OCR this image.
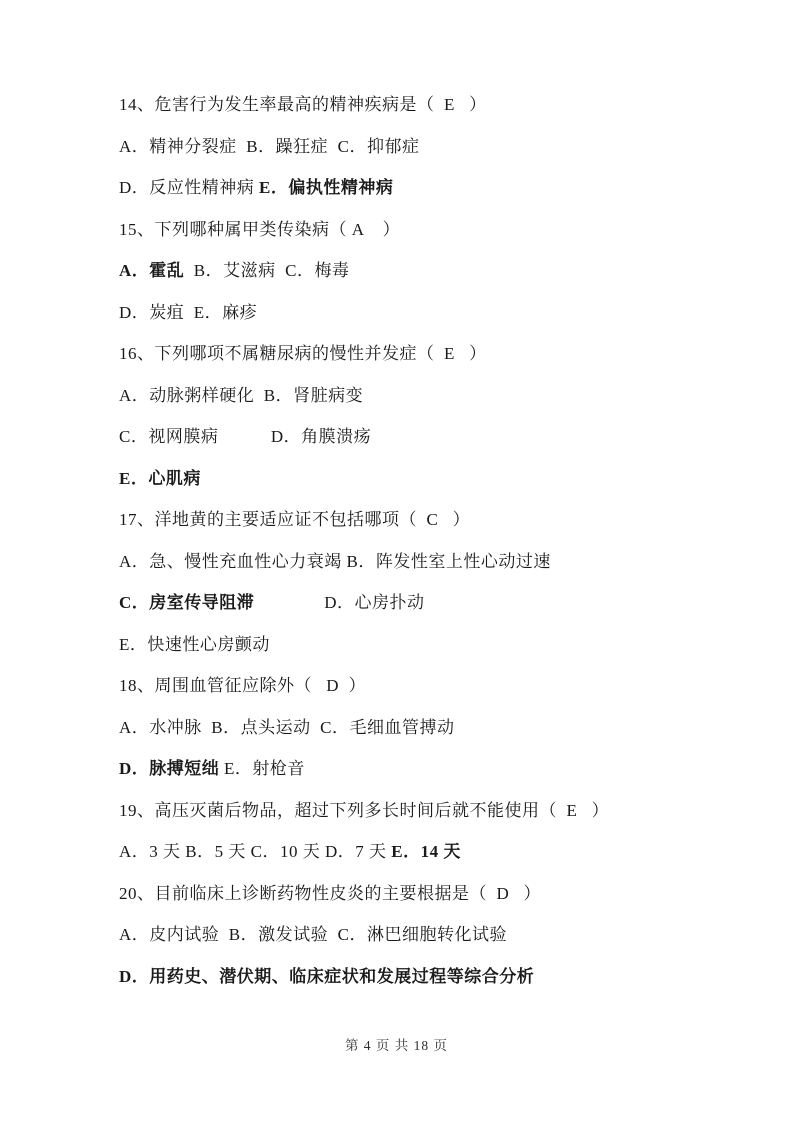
14、危害行为发生率最高的精神疾病是（  E   ）

A．精神分裂症  B．躁狂症  C．抑郁症

D．反应性精神病 E．偏执性精神病

15、下列哪种属甲类传染病（ A    ）

A．霍乱  B．艾滋病  C．梅毒

D．炭疽  E．麻疹

16、下列哪项不属糖尿病的慢性并发症（  E   ）

A．动脉粥样硬化  B．肾脏病变

C．视网膜病　　　D．角膜溃疡

E．心肌病

17、洋地黄的主要适应证不包括哪项（  C   ）

A．急、慢性充血性心力衰竭 B．阵发性室上性心动过速

C．房室传导阻滞　　　　D．心房扑动

E．快速性心房颤动

18、周围血管征应除外（   D  ）

A．水冲脉  B．点头运动  C．毛细血管搏动

D．脉搏短绌 E．射枪音

19、高压灭菌后物品，超过下列多长时间后就不能使用（  E   ）

A．3 天 B．5 天 C．10 天 D．7 天 E．14 天

20、目前临床上诊断药物性皮炎的主要根据是（  D   ）

A．皮内试验  B．激发试验  C．淋巴细胞转化试验

D．用药史、潜伏期、临床症状和发展过程等综合分析

第 4 页 共 18 页
